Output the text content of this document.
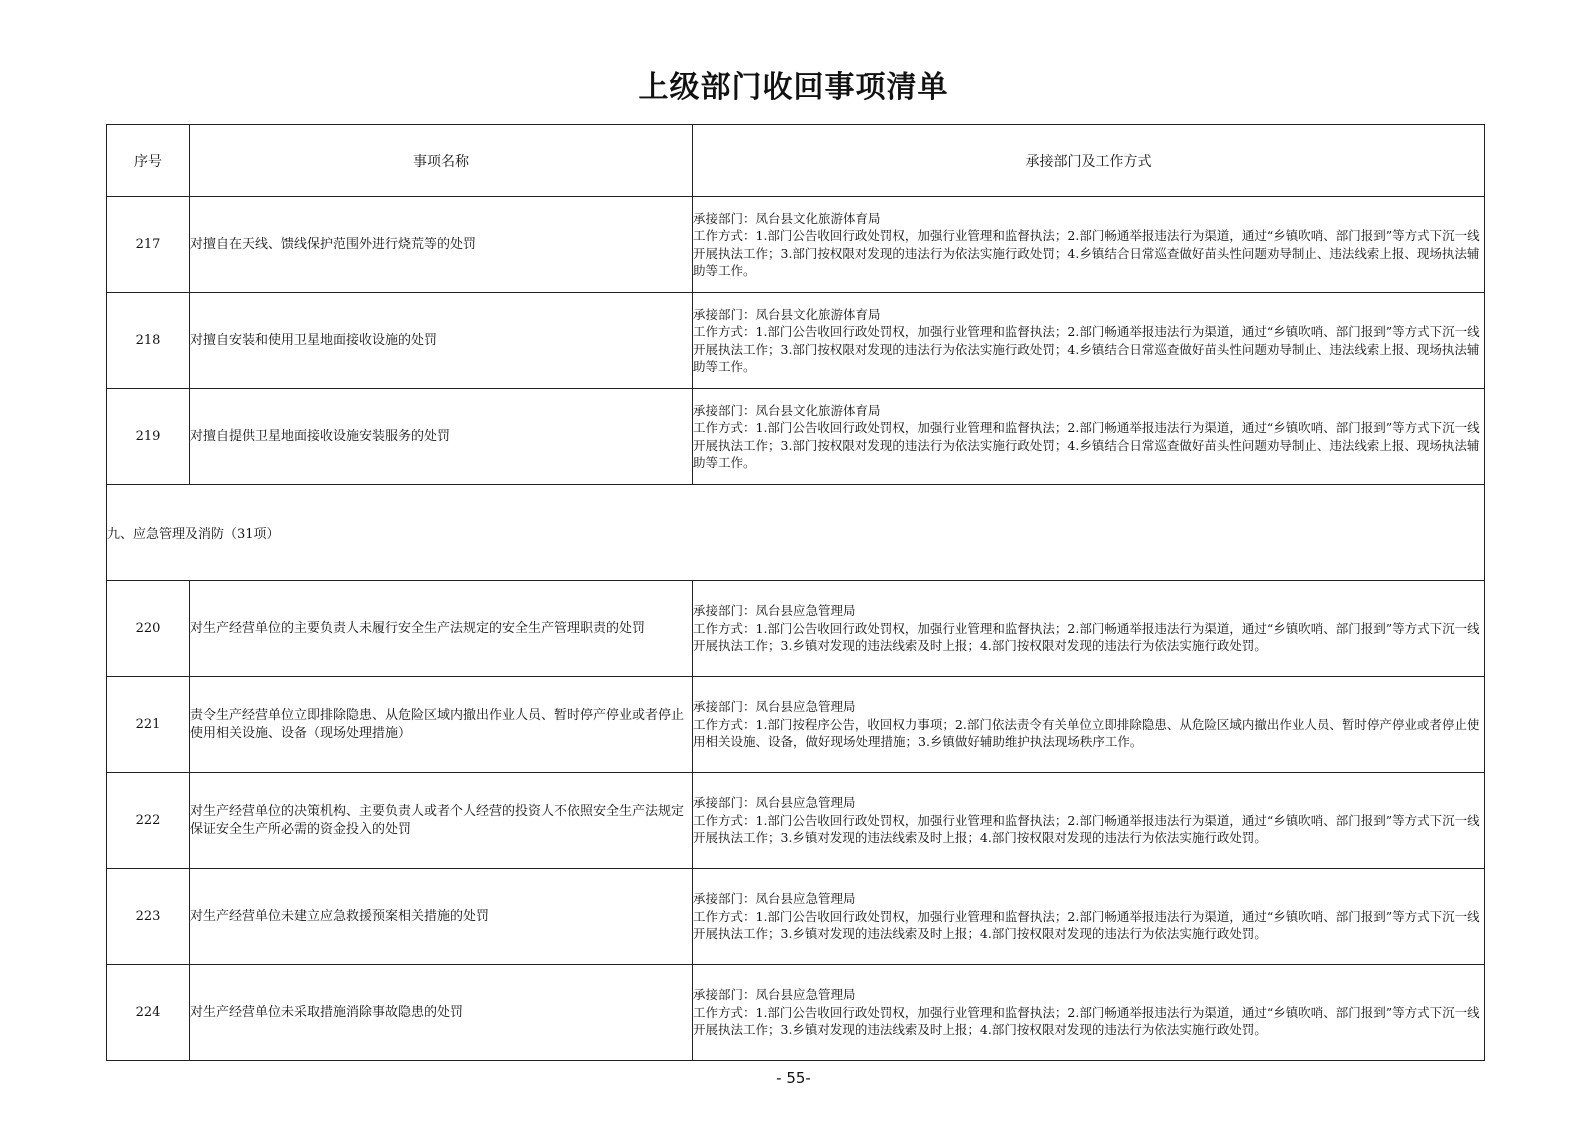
上级部门收回事项清单
序号	事项名称	承接部门及工作方式
217	对擅自在天线、馈线保护范围外进行烧荒等的处罚	承接部门：凤台县文化旅游体育局
工作方式：1.部门公告收回行政处罚权，加强行业管理和监督执法；2.部门畅通举报违法行为渠道，通过“乡镇吹哨、部门报到”等方式下沉一线开展执法工作；3.部门按权限对发现的违法行为依法实施行政处罚；4.乡镇结合日常巡查做好苗头性问题劝导制止、违法线索上报、现场执法辅助等工作。

218	对擅自安装和使用卫星地面接收设施的处罚	承接部门：凤台县文化旅游体育局
工作方式：1.部门公告收回行政处罚权，加强行业管理和监督执法；2.部门畅通举报违法行为渠道，通过“乡镇吹哨、部门报到”等方式下沉一线开展执法工作；3.部门按权限对发现的违法行为依法实施行政处罚；4.乡镇结合日常巡查做好苗头性问题劝导制止、违法线索上报、现场执法辅助等工作。

219	对擅自提供卫星地面接收设施安装服务的处罚	承接部门：凤台县文化旅游体育局
工作方式：1.部门公告收回行政处罚权，加强行业管理和监督执法；2.部门畅通举报违法行为渠道，通过“乡镇吹哨、部门报到”等方式下沉一线开展执法工作；3.部门按权限对发现的违法行为依法实施行政处罚；4.乡镇结合日常巡查做好苗头性问题劝导制止、违法线索上报、现场执法辅助等工作。

九、应急管理及消防（31项）		
220	对生产经营单位的主要负责人未履行安全生产法规定的安全生产管理职责的处罚	承接部门：凤台县应急管理局
工作方式：1.部门公告收回行政处罚权，加强行业管理和监督执法；2.部门畅通举报违法行为渠道，通过“乡镇吹哨、部门报到”等方式下沉一线开展执法工作；3.乡镇对发现的违法线索及时上报；4.部门按权限对发现的违法行为依法实施行政处罚。

221	责令生产经营单位立即排除隐患、从危险区域内撤出作业人员、暂时停产停业或者停止使用相关设施、设备（现场处理措施）	承接部门：凤台县应急管理局
工作方式：1.部门按程序公告，收回权力事项；2.部门依法责令有关单位立即排除隐患、从危险区域内撤出作业人员、暂时停产停业或者停止使用相关设施、设备，做好现场处理措施；3.乡镇做好辅助维护执法现场秩序工作。

222	对生产经营单位的决策机构、主要负责人或者个人经营的投资人不依照安全生产法规定保证安全生产所必需的资金投入的处罚	承接部门：凤台县应急管理局
工作方式：1.部门公告收回行政处罚权，加强行业管理和监督执法；2.部门畅通举报违法行为渠道，通过“乡镇吹哨、部门报到”等方式下沉一线开展执法工作；3.乡镇对发现的违法线索及时上报；4.部门按权限对发现的违法行为依法实施行政处罚。

223	对生产经营单位未建立应急救援预案相关措施的处罚	承接部门：凤台县应急管理局
工作方式：1.部门公告收回行政处罚权，加强行业管理和监督执法；2.部门畅通举报违法行为渠道，通过“乡镇吹哨、部门报到”等方式下沉一线开展执法工作；3.乡镇对发现的违法线索及时上报；4.部门按权限对发现的违法行为依法实施行政处罚。

224	对生产经营单位未采取措施消除事故隐患的处罚	承接部门：凤台县应急管理局
工作方式：1.部门公告收回行政处罚权，加强行业管理和监督执法；2.部门畅通举报违法行为渠道，通过“乡镇吹哨、部门报到”等方式下沉一线开展执法工作；3.乡镇对发现的违法线索及时上报；4.部门按权限对发现的违法行为依法实施行政处罚。
- 55-
